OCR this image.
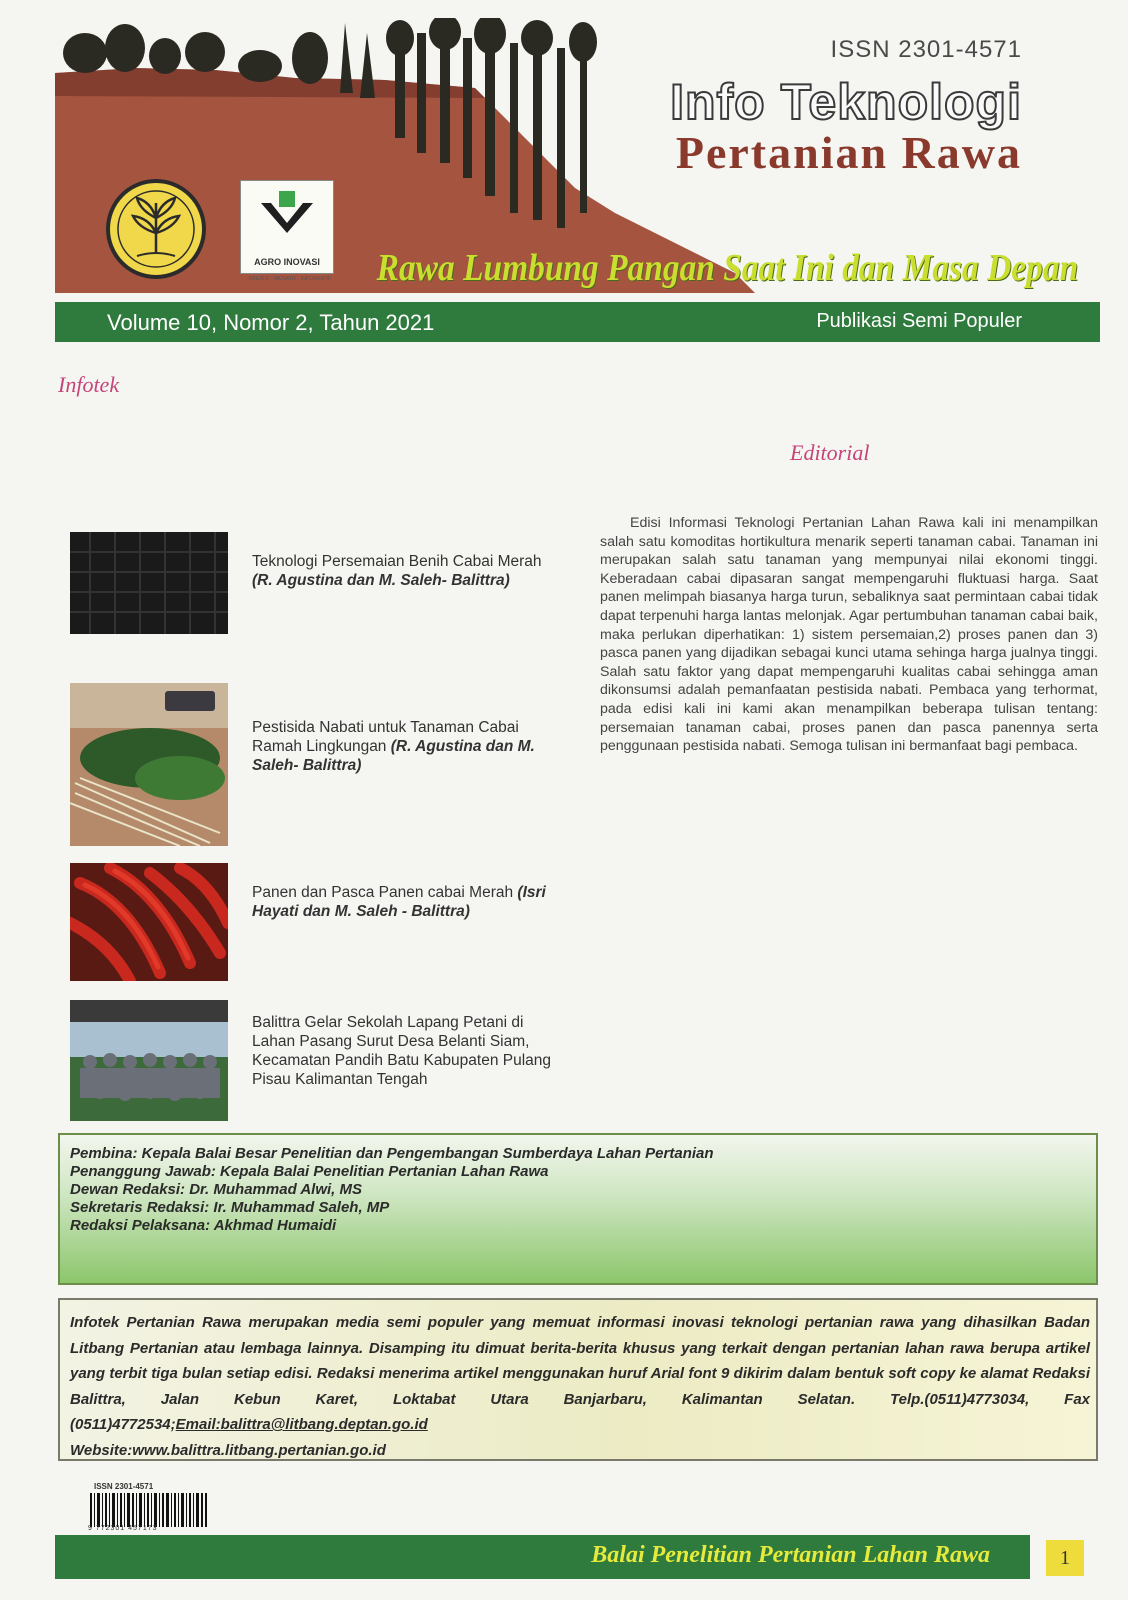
ISSN 2301-4571
Info Teknologi
Pertanian Rawa
AGRO INOVASI
KREATIF · INOVATIF · INFORMATIF	Rawa Lumbung Pangan Saat Ini dan Masa Depan
Volume 10, Nomor 2, Tahun 2021	Publikasi Semi Populer
Infotek
Editorial
Teknologi Persemaian Benih Cabai Merah (R. Agustina dan M. Saleh- Balittra)
Pestisida Nabati untuk Tanaman Cabai Ramah Lingkungan (R. Agustina dan M. Saleh- Balittra)
Panen dan Pasca Panen cabai Merah (Isri Hayati dan M. Saleh - Balittra)
Balittra Gelar Sekolah Lapang Petani di Lahan Pasang Surut Desa Belanti Siam, Kecamatan Pandih Batu Kabupaten Pulang Pisau Kalimantan Tengah
Edisi Informasi Teknologi Pertanian Lahan Rawa kali ini menampilkan salah satu komoditas hortikultura menarik seperti tanaman cabai. Tanaman ini merupakan salah satu tanaman yang mempunyai nilai ekonomi tinggi. Keberadaan cabai dipasaran sangat mempengaruhi fluktuasi harga. Saat panen melimpah biasanya harga turun, sebaliknya saat permintaan cabai tidak dapat terpenuhi harga lantas melonjak. Agar pertumbuhan tanaman cabai baik, maka perlukan diperhatikan: 1) sistem persemaian,2) proses panen dan 3) pasca panen yang dijadikan sebagai kunci utama sehinga harga jualnya tinggi. Salah satu faktor yang dapat mempengaruhi kualitas cabai sehingga aman dikonsumsi adalah pemanfaatan pestisida nabati. Pembaca yang terhormat, pada edisi kali ini kami akan menampilkan beberapa tulisan tentang: persemaian tanaman cabai, proses panen dan pasca panennya serta penggunaan pestisida nabati. Semoga tulisan ini bermanfaat bagi pembaca.
Pembina: Kepala Balai Besar Penelitian dan Pengembangan Sumberdaya Lahan Pertanian
Penanggung Jawab: Kepala Balai Penelitian Pertanian Lahan Rawa
Dewan Redaksi: Dr. Muhammad Alwi, MS
Sekretaris Redaksi: Ir. Muhammad Saleh, MP
Redaksi Pelaksana: Akhmad Humaidi
Infotek Pertanian Rawa merupakan media semi populer yang memuat informasi inovasi teknologi pertanian rawa yang dihasilkan Badan Litbang Pertanian atau lembaga lainnya. Disamping itu dimuat berita-berita khusus yang terkait dengan pertanian lahan rawa berupa artikel yang terbit tiga bulan setiap edisi. Redaksi menerima artikel menggunakan huruf Arial font 9 dikirim dalam bentuk soft copy ke alamat Redaksi Balittra, Jalan Kebun Karet, Loktabat Utara Banjarbaru, Kalimantan Selatan. Telp.(0511)4773034, Fax (0511)4772534;Email:balittra@litbang.deptan.go.id
Website:www.balittra.litbang.pertanian.go.id
ISSN 2301-4571
9 772301 457173
Balai Penelitian Pertanian Lahan Rawa	1
